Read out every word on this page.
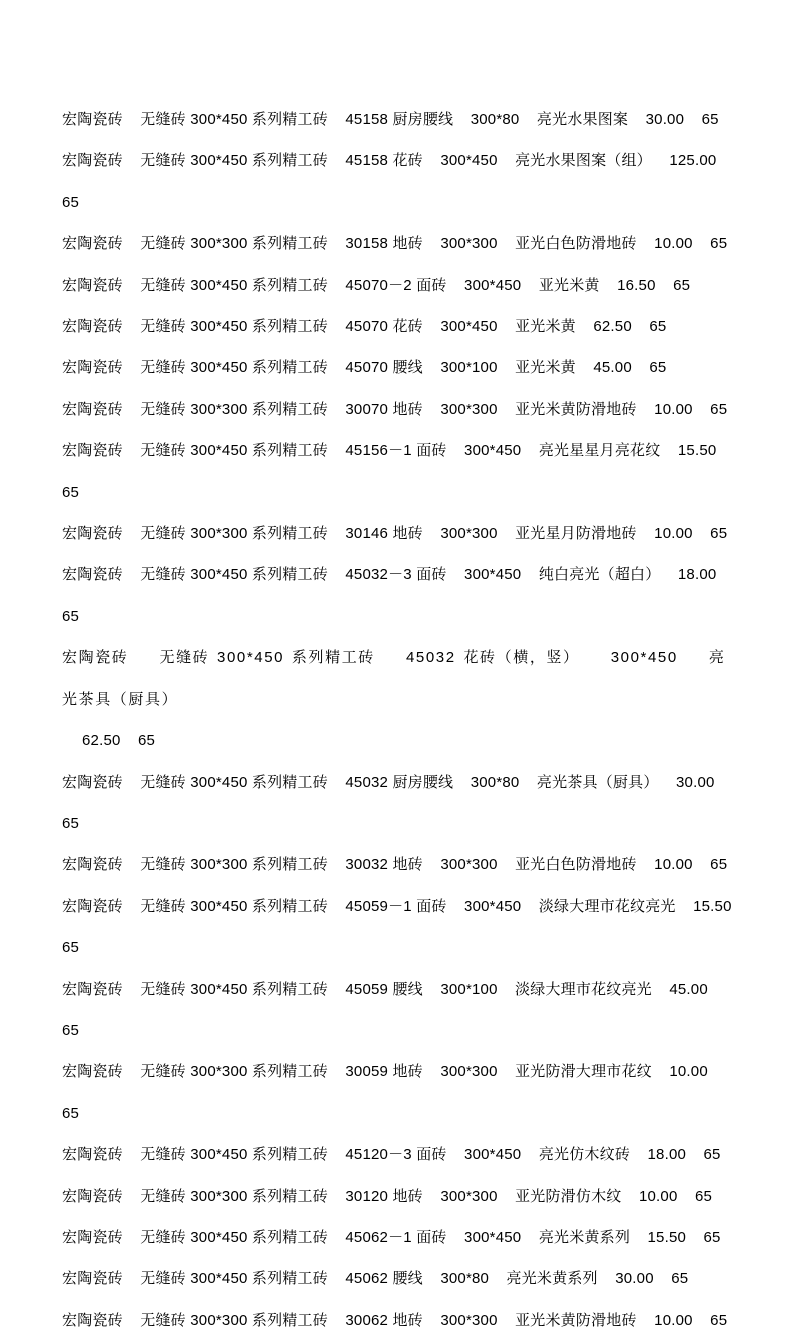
宏陶瓷砖    无缝砖 300*450 系列精工砖    45158 厨房腰线    300*80    亮光水果图案    30.00    65
宏陶瓷砖    无缝砖 300*450 系列精工砖    45158 花砖    300*450    亮光水果图案（组）    125.00    65
宏陶瓷砖    无缝砖 300*300 系列精工砖    30158 地砖    300*300    亚光白色防滑地砖    10.00    65
宏陶瓷砖    无缝砖 300*450 系列精工砖    45070－2 面砖    300*450    亚光米黄    16.50    65
宏陶瓷砖    无缝砖 300*450 系列精工砖    45070 花砖    300*450    亚光米黄    62.50    65
宏陶瓷砖    无缝砖 300*450 系列精工砖    45070 腰线    300*100    亚光米黄    45.00    65
宏陶瓷砖    无缝砖 300*300 系列精工砖    30070 地砖    300*300    亚光米黄防滑地砖    10.00    65
宏陶瓷砖    无缝砖 300*450 系列精工砖    45156－1 面砖    300*450    亮光星星月亮花纹    15.50    65
宏陶瓷砖    无缝砖 300*300 系列精工砖    30146 地砖    300*300    亚光星月防滑地砖    10.00    65
宏陶瓷砖    无缝砖 300*450 系列精工砖    45032－3 面砖    300*450    纯白亮光（超白）    18.00    65
宏陶瓷砖    无缝砖 300*450 系列精工砖    45032 花砖（横，竖）    300*450    亮光茶具（厨具）
62.50    65
宏陶瓷砖    无缝砖 300*450 系列精工砖    45032 厨房腰线    300*80    亮光茶具（厨具）    30.00    65
宏陶瓷砖    无缝砖 300*300 系列精工砖    30032 地砖    300*300    亚光白色防滑地砖    10.00    65
宏陶瓷砖    无缝砖 300*450 系列精工砖    45059－1 面砖    300*450    淡绿大理市花纹亮光    15.50    65
宏陶瓷砖    无缝砖 300*450 系列精工砖    45059 腰线    300*100    淡绿大理市花纹亮光    45.00    65
宏陶瓷砖    无缝砖 300*300 系列精工砖    30059 地砖    300*300    亚光防滑大理市花纹    10.00    65
宏陶瓷砖    无缝砖 300*450 系列精工砖    45120－3 面砖    300*450    亮光仿木纹砖    18.00    65
宏陶瓷砖    无缝砖 300*300 系列精工砖    30120 地砖    300*300    亚光防滑仿木纹    10.00    65
宏陶瓷砖    无缝砖 300*450 系列精工砖    45062－1 面砖    300*450    亮光米黄系列    15.50    65
宏陶瓷砖    无缝砖 300*450 系列精工砖    45062 腰线    300*80    亮光米黄系列    30.00    65
宏陶瓷砖    无缝砖 300*300 系列精工砖    30062 地砖    300*300    亚光米黄防滑地砖    10.00    65
